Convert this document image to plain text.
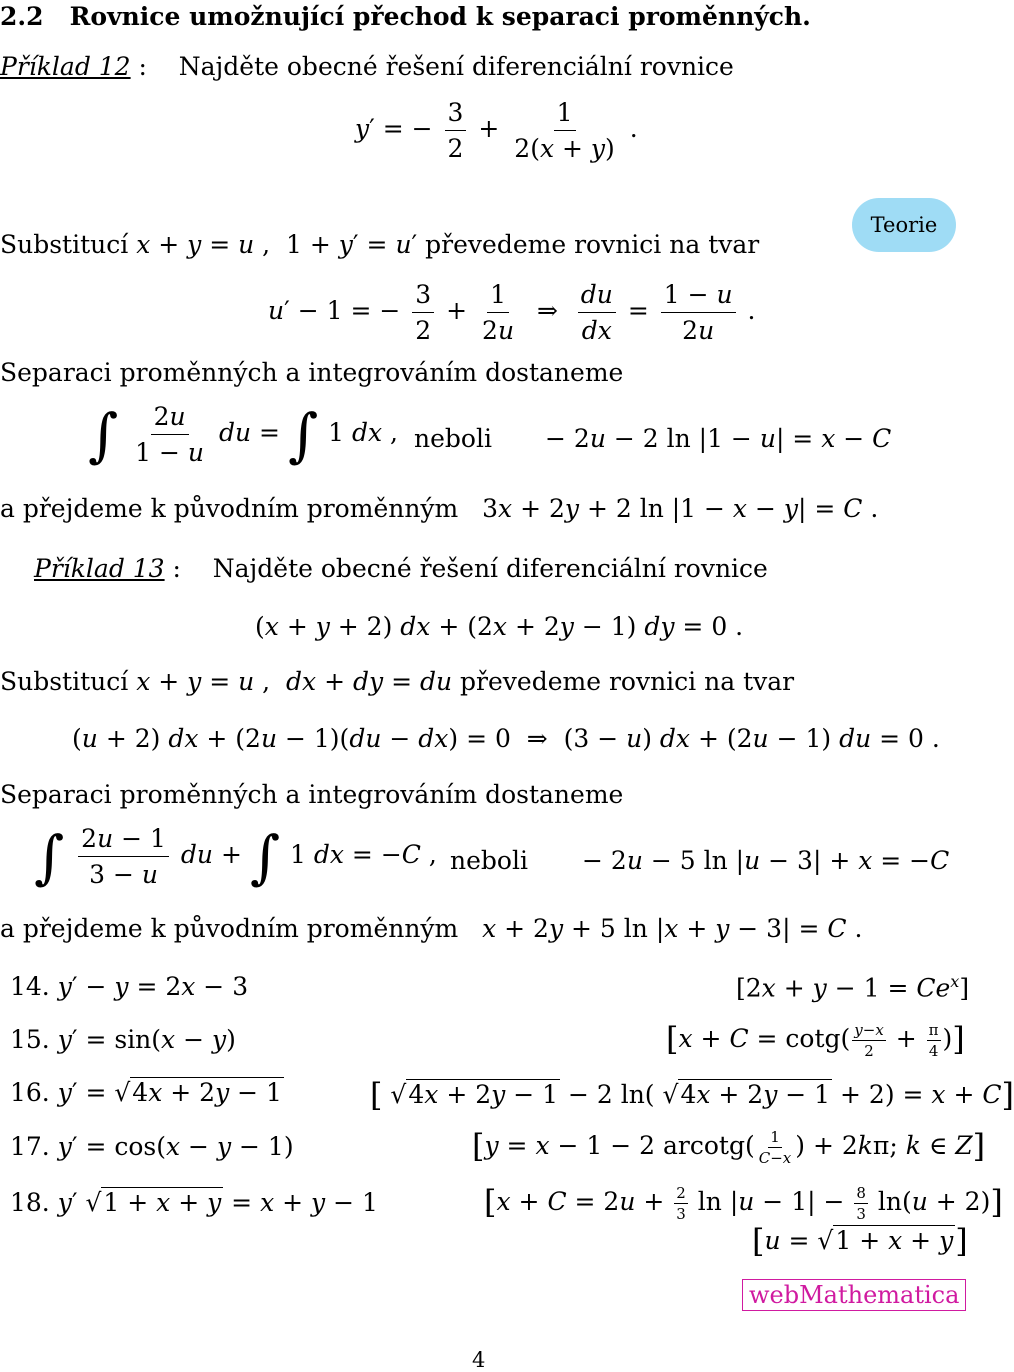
2.2 Rovnice umožnující přechod k separaci proměnných.
Příklad 12 :    Najděte obecné řešení diferenciální rovnice
y′ = − $\frac{3}{2} + \frac{1}{2(x + y)}$ .
Substitucí x + y = u ,  1 + y′ = u′ převedeme rovnici na tvar
Teorie
u′ − 1 = − $\frac{3}{2} + \frac{1}{2u}$ ⇒ $\frac{du}{dx} = \frac{1 - u}{2u}$ .
Separaci proměnných a integrováním dostaneme
∫ $\frac{2u}{1 - u}$ du = ∫ 1 dx , neboli − 2u − 2 ln |1 − u| = x − C
a přejdeme k původním proměnným   3x + 2y + 2 ln |1 − x − y| = C .
Příklad 13 :    Najděte obecné řešení diferenciální rovnice
(x + y + 2) dx + (2x + 2y − 1) dy = 0 .
Substitucí x + y = u ,  dx + dy = du převedeme rovnici na tvar
(u + 2) dx + (2u − 1)(du − dx) = 0  ⇒  (3 − u) dx + (2u − 1) du = 0 .
Separaci proměnných a integrováním dostaneme
∫ $\frac{2u - 1}{3 - u}$ du + ∫ 1 dx = −C , neboli − 2u − 5 ln |u − 3| + x = −C
a přejdeme k původním proměnným x + 2y + 5 ln |x + y − 3| = C .
14. y′ − y = 2x − 3	$[2x + y - 1 = Ce^x]$
15. y′ = sin(x − y)	[$x + C = \cot g( \frac{y-x}{2} + \frac{\pi}{4}$ )]
16. y′ = √4x + 2y − 1	[ √4x + 2y − 1 − 2 ln( √4x + 2y − 1 + 2) = x + C]
17. y′ = cos(x − y − 1)	[y = x − 1 − 2 $arcotg( \frac{1}{C-x}$ ) + 2kπ; k ∈ Z]
18. y′ √1 + x + y = x + y − 1	[$x + C = 2u + \frac{2}{3}$ $\ln |u - 1| - \frac{8}{3} \ln(u + 2)$]
[u = √1 + x + y]
webMathematica
4
